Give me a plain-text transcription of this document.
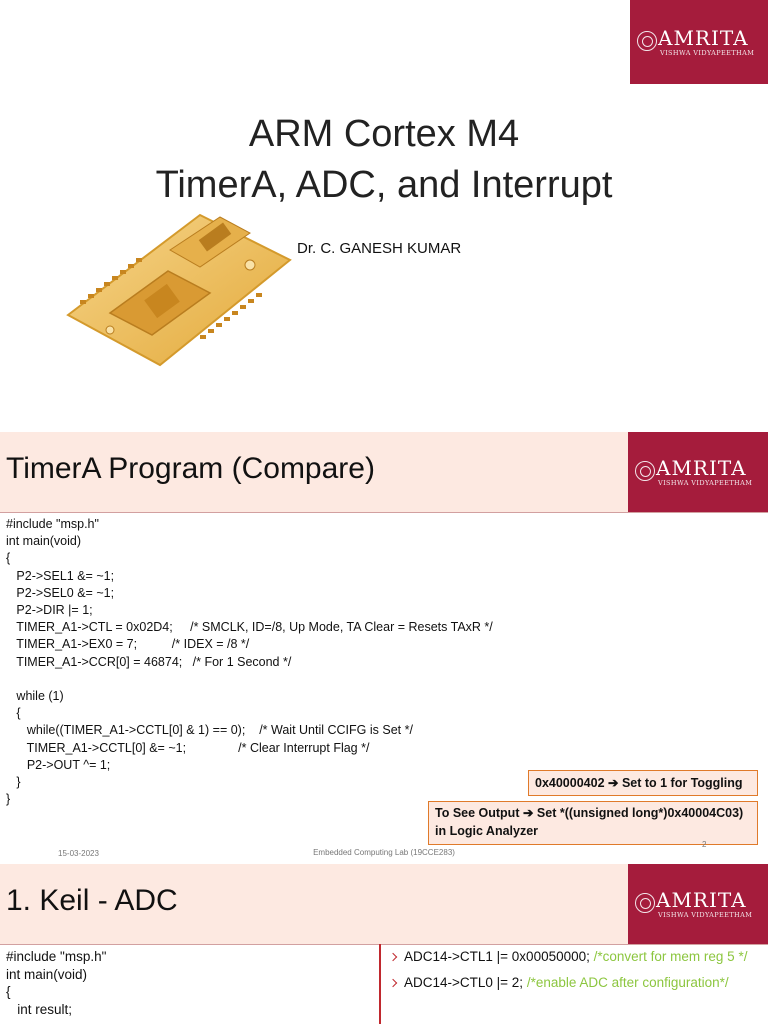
AMRITA
VISHWA VIDYAPEETHAM
ARM Cortex M4
TimerA, ADC, and Interrupt
Dr. C. GANESH KUMAR
TimerA Program (Compare)	AMRITA
VISHWA VIDYAPEETHAM
#include "msp.h"
int main(void)
{
P2->SEL1 &= ~1;
P2->SEL0 &= ~1;
P2->DIR |= 1;
TIMER_A1->CTL = 0x02D4;     /* SMCLK, ID=/8, Up Mode, TA Clear = Resets TAxR */
TIMER_A1->EX0 = 7;          /* IDEX = /8 */
TIMER_A1->CCR[0] = 46874;   /* For 1 Second */

while (1)
{
while((TIMER_A1->CCTL[0] & 1) == 0);    /* Wait Until CCIFG is Set */
TIMER_A1->CCTL[0] &= ~1;               /* Clear Interrupt Flag */
P2->OUT ^= 1;
}
}
0x40000402 ➔ Set to 1 for Toggling
To See Output ➔ Set *((unsigned long*)0x40004C03)
in Logic Analyzer
15-03-2023	Embedded Computing Lab (19CCE283)
2
1. Keil - ADC	AMRITA
VISHWA VIDYAPEETHAM
#include "msp.h"
int main(void)
{
int result;
ADC14->CTL1 |= 0x00050000; /*convert for mem reg 5 */
ADC14->CTL0 |= 2; /*enable ADC after configuration*/
